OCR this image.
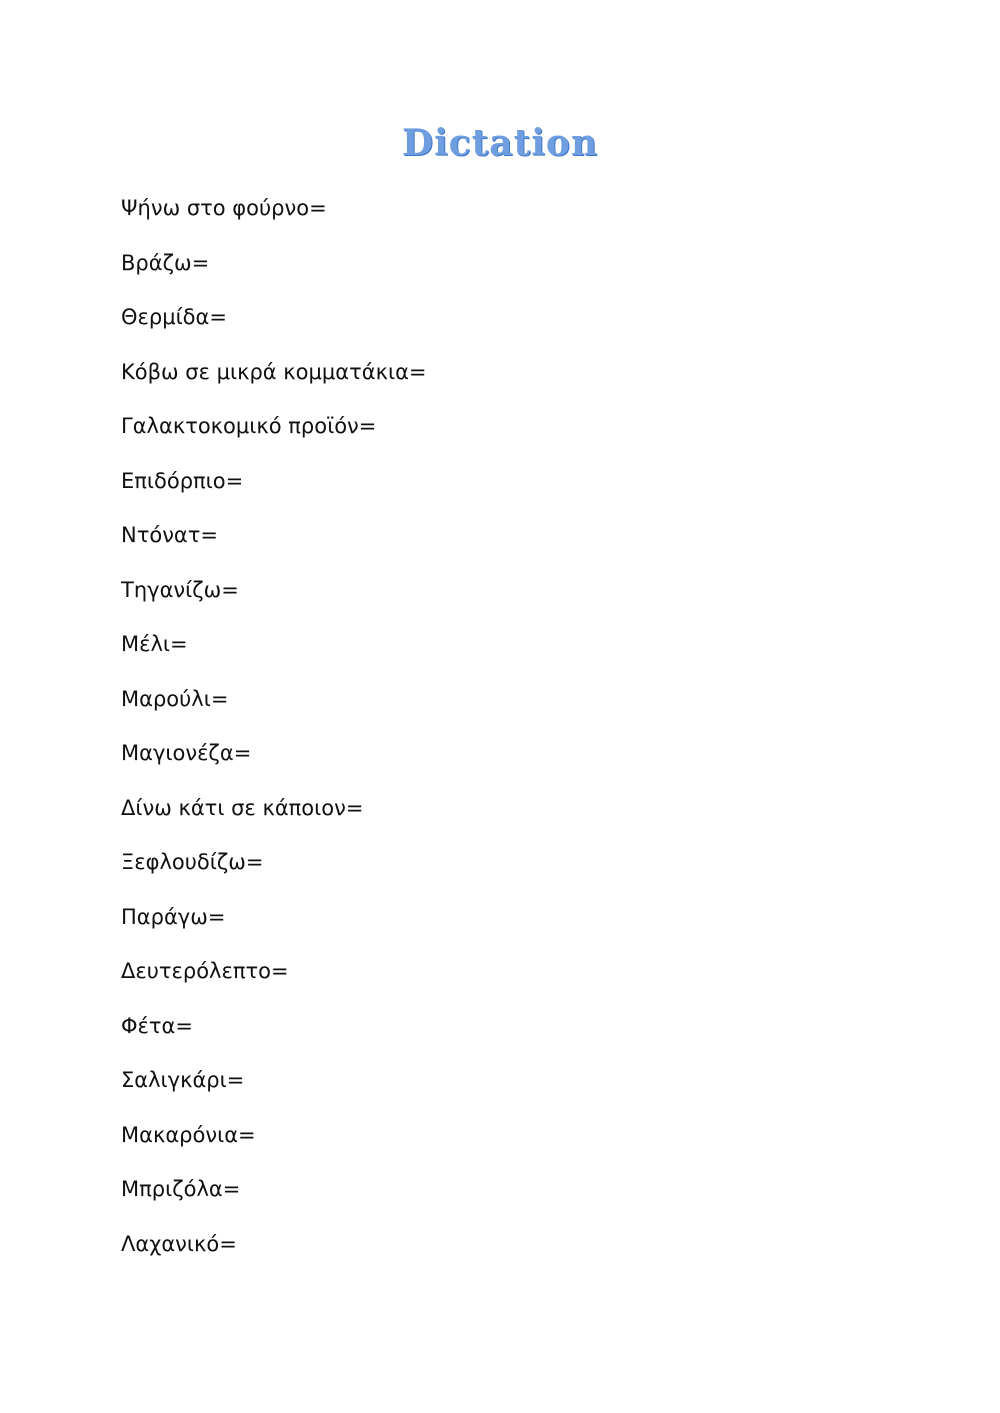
Dictation
Ψήνω στο φούρνο=
Βράζω=
Θερμίδα=
Κόβω σε μικρά κομματάκια=
Γαλακτοκομικό προϊόν=
Επιδόρπιο=
Ντόνατ=
Τηγανίζω=
Μέλι=
Μαρούλι=
Μαγιονέζα=
Δίνω κάτι σε κάποιον=
Ξεφλουδίζω=
Παράγω=
Δευτερόλεπτο=
Φέτα=
Σαλιγκάρι=
Μακαρόνια=
Μπριζόλα=
Λαχανικό=
